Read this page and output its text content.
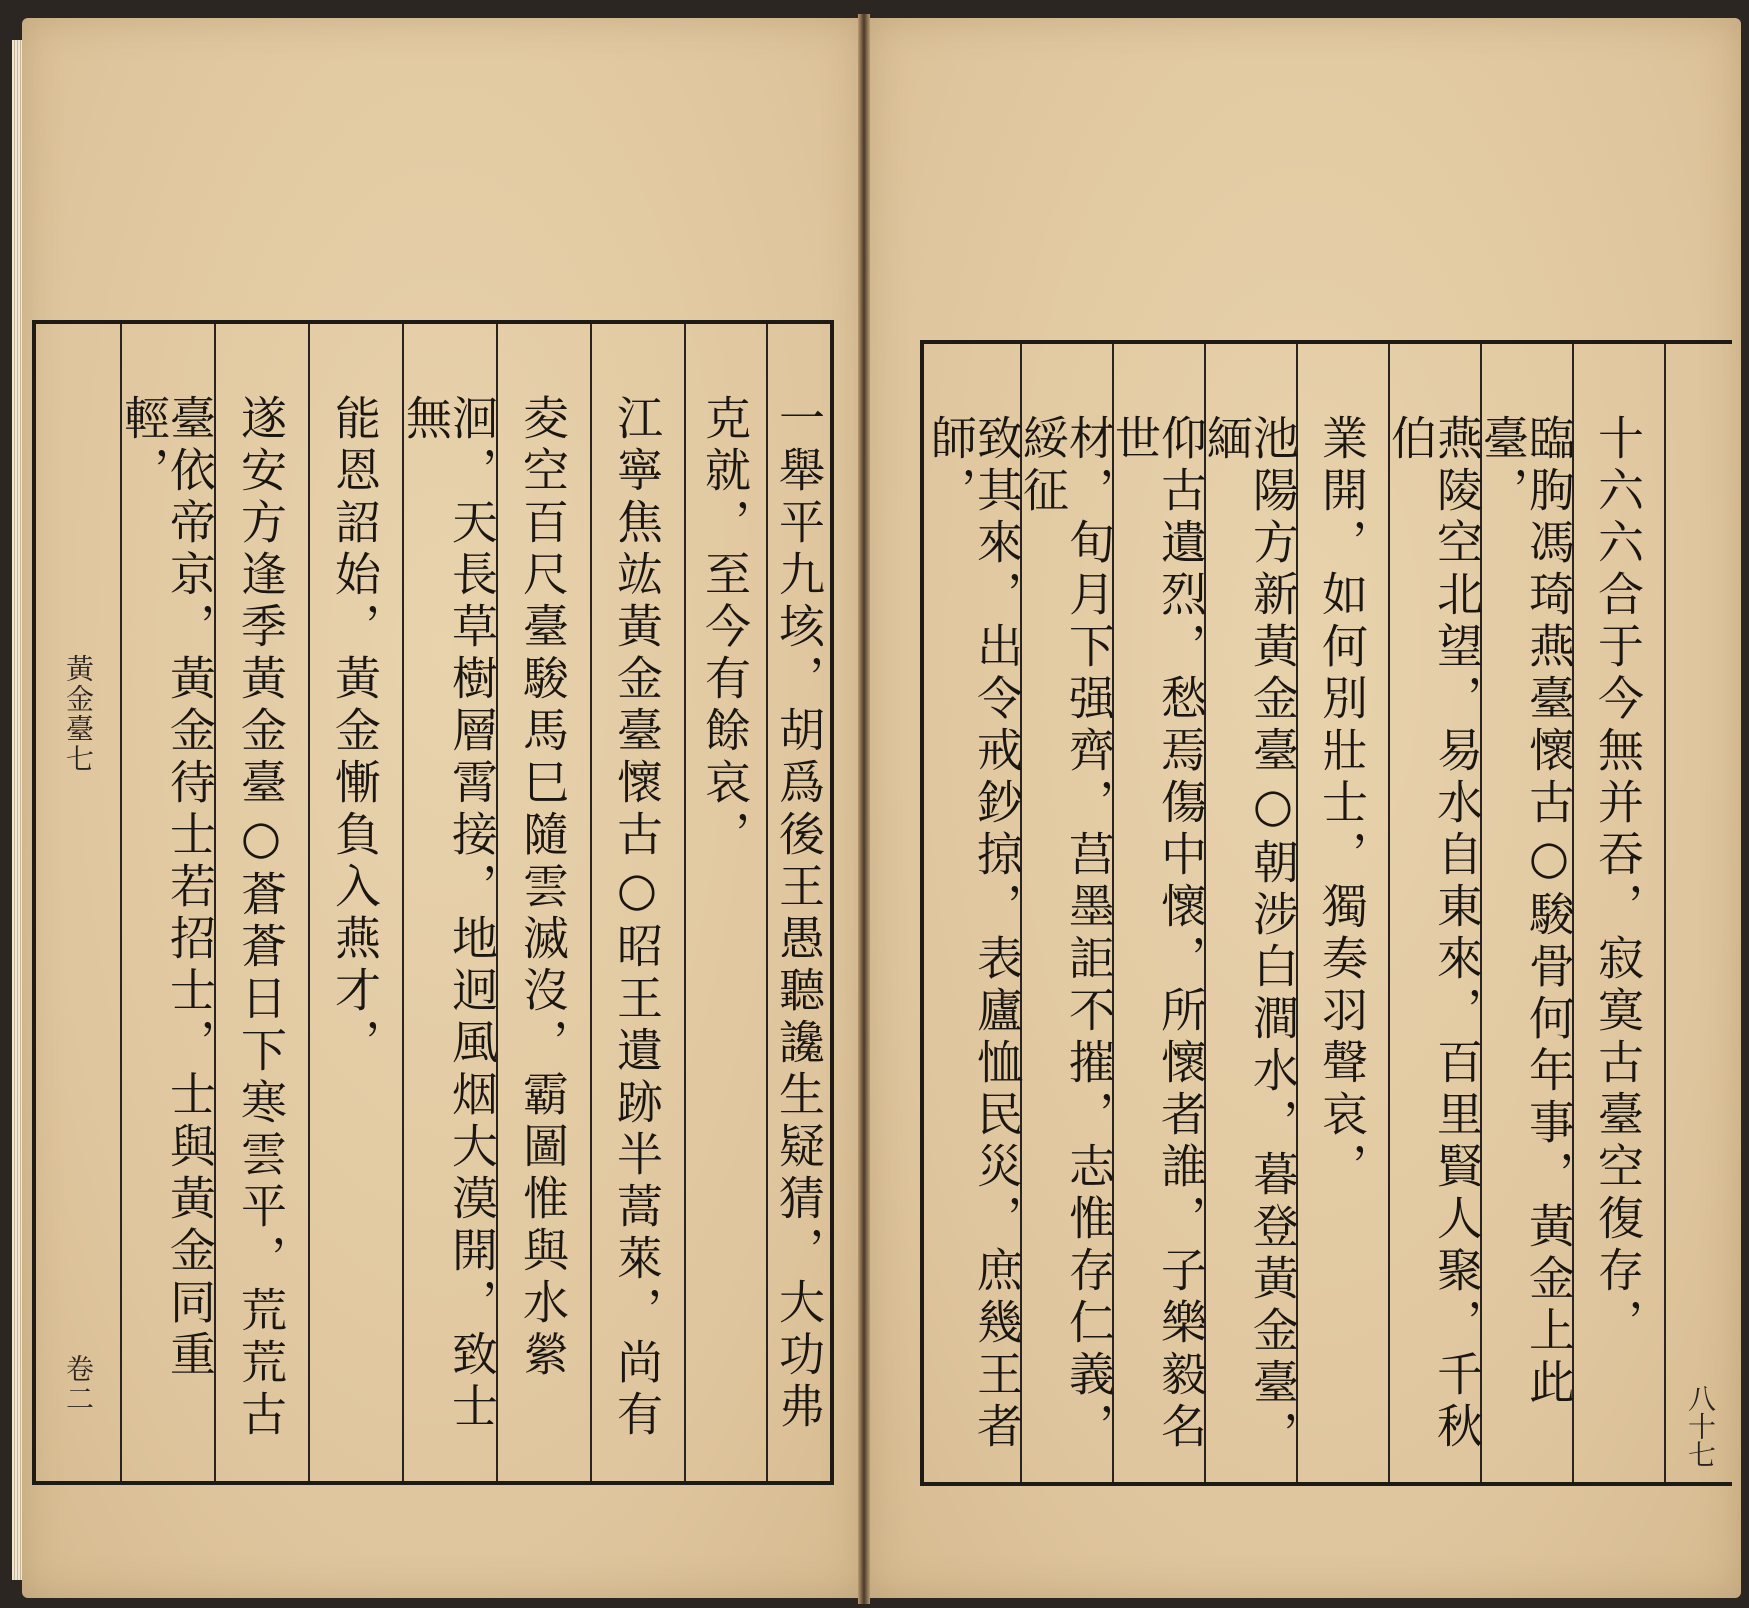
一舉平九垓，胡爲後王愚聽讒生疑猜，大功弗
克就，至今有餘哀，
江寧焦竑黃金臺懷古○昭王遺跡半蒿萊，尚有
夌空百尺臺駿馬巳隨雲滅沒，霸圖惟與水縈
洄，天長草樹層霄接，地迥風烟大漠開，致士無
能恩詔始，黃金慚負入燕才，
遂安方逢季黃金臺○蒼蒼日下寒雲平，荒荒古
臺依帝京，黃金待士若招士，士與黃金同重輕，
黃金臺七
卷二
十六六合于今無并吞，寂寞古臺空復存，
臨朐馮琦燕臺懷古○駿骨何年事，黃金上此臺，
燕陵空北望，易水自東來，百里賢人聚，千秋伯
業開，如何別壯士，獨奏羽聲哀，
池陽方新黃金臺○朝涉白澗水，暮登黃金臺，緬
仰古遺烈，愁焉傷中懷，所懷者誰，子樂毅名世
材，旬月下强齊，莒墨詎不摧，志惟存仁義，綏征
致其來，出令戒鈔掠，表廬恤民災，庶幾王者師，
八十七
